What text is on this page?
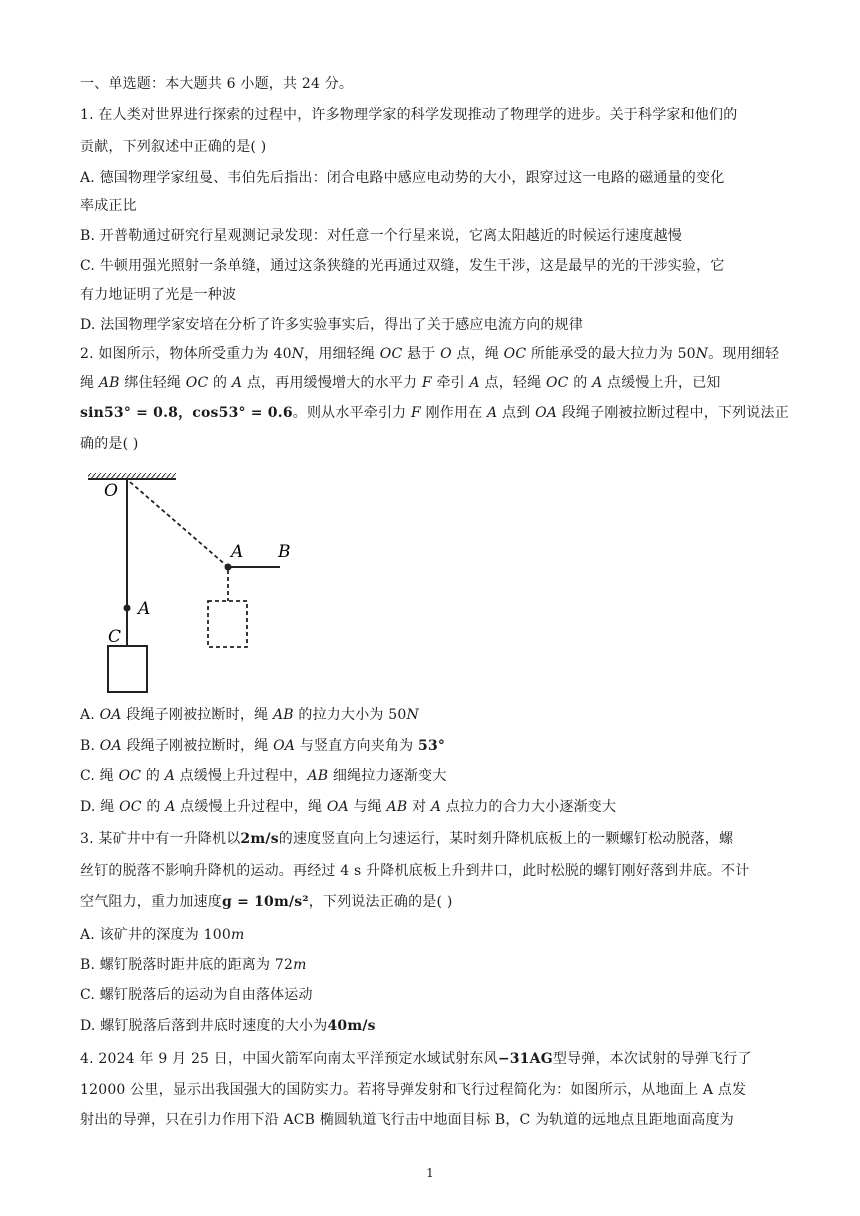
一、单选题：本大题共 6 小题，共 24 分。
1. 在人类对世界进行探索的过程中，许多物理学家的科学发现推动了物理学的进步。关于科学家和他们的
贡献，下列叙述中正确的是( )
A. 德国物理学家纽曼、韦伯先后指出：闭合电路中感应电动势的大小，跟穿过这一电路的磁通量的变化
率成正比
B. 开普勒通过研究行星观测记录发现：对任意一个行星来说，它离太阳越近的时候运行速度越慢
C. 牛顿用强光照射一条单缝，通过这条狭缝的光再通过双缝，发生干涉，这是最早的光的干涉实验，它
有力地证明了光是一种波
D. 法国物理学家安培在分析了许多实验事实后，得出了关于感应电流方向的规律
2. 如图所示，物体所受重力为 40N，用细轻绳 OC 悬于 O 点，绳 OC 所能承受的最大拉力为 50N。现用细轻
绳 AB 绑住轻绳 OC 的 A 点，再用缓慢增大的水平力 F 牵引 A 点，轻绳 OC 的 A 点缓慢上升，已知
sin53° = 0.8，cos53° = 0.6。则从水平牵引力 F 刚作用在 A 点到 OA 段绳子刚被拉断过程中，下列说法正
确的是( )
O
A
C
A B
A. OA 段绳子刚被拉断时，绳 AB 的拉力大小为 50N
B. OA 段绳子刚被拉断时，绳 OA 与竖直方向夹角为 53°
C. 绳 OC 的 A 点缓慢上升过程中，AB 细绳拉力逐渐变大
D. 绳 OC 的 A 点缓慢上升过程中，绳 OA 与绳 AB 对 A 点拉力的合力大小逐渐变大
3. 某矿井中有一升降机以2m/s的速度竖直向上匀速运行，某时刻升降机底板上的一颗螺钉松动脱落，螺
丝钉的脱落不影响升降机的运动。再经过 4 s 升降机底板上升到井口，此时松脱的螺钉刚好落到井底。不计
空气阻力，重力加速度g = 10m/s²，下列说法正确的是( )
A. 该矿井的深度为 100m
B. 螺钉脱落时距井底的距离为 72m
C. 螺钉脱落后的运动为自由落体运动
D. 螺钉脱落后落到井底时速度的大小为40m/s
4. 2024 年 9 月 25 日，中国火箭军向南太平洋预定水域试射东风−31AG型导弹，本次试射的导弹飞行了
12000 公里，显示出我国强大的国防实力。若将导弹发射和飞行过程简化为：如图所示，从地面上 A 点发
射出的导弹，只在引力作用下沿 ACB 椭圆轨道飞行击中地面目标 B，C 为轨道的远地点且距地面高度为
1
